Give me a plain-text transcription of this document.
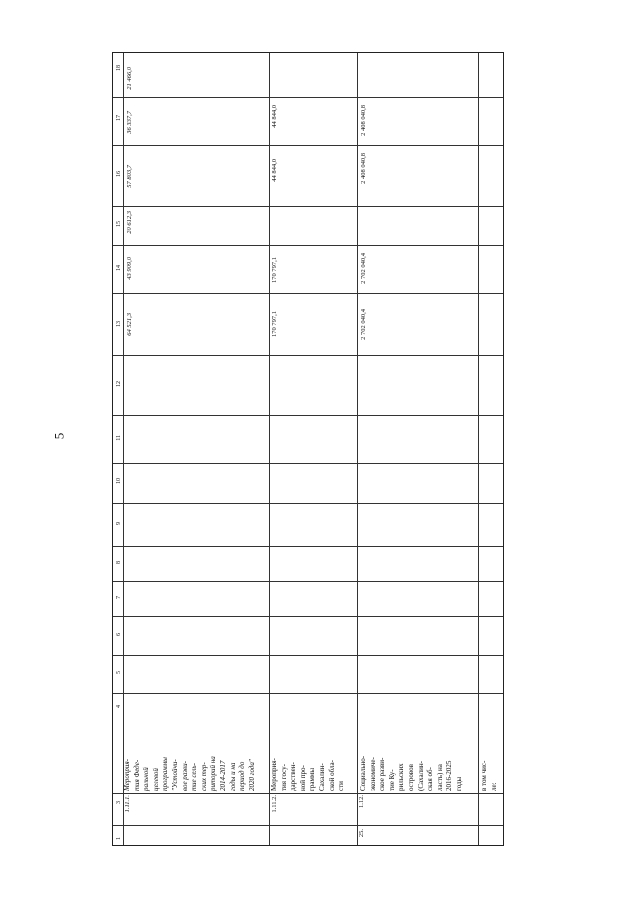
5
18
17
16
15
14
13
12
11
10
9
8
7
6
5
4
3
1
21 466,0
36 337,7
57 803,7
20 612,3
43 909,0
64 521,3
1.11.1.
Мероприя- тия Феде- ральной целевой программы "Устойчи- вое разви- тие сель- ских тер- риторий на 2014-2017 годы и на период до 2020 года"
44 844,0
44 844,0
170 797,1
170 797,1
1.11.2.
Мероприя- тия госу- дарствен- ной про- граммы Сахалин- ской обла- сти
2 408 040,8
2 408 040,8
2 702 040,4
2 702 040,4
1.12.
25.
Социально- экономиче- ское разви- тие Ку- рильских островов (Сахалин- ская об- ласть) на 2016-2025 годы в том чис- ле:
